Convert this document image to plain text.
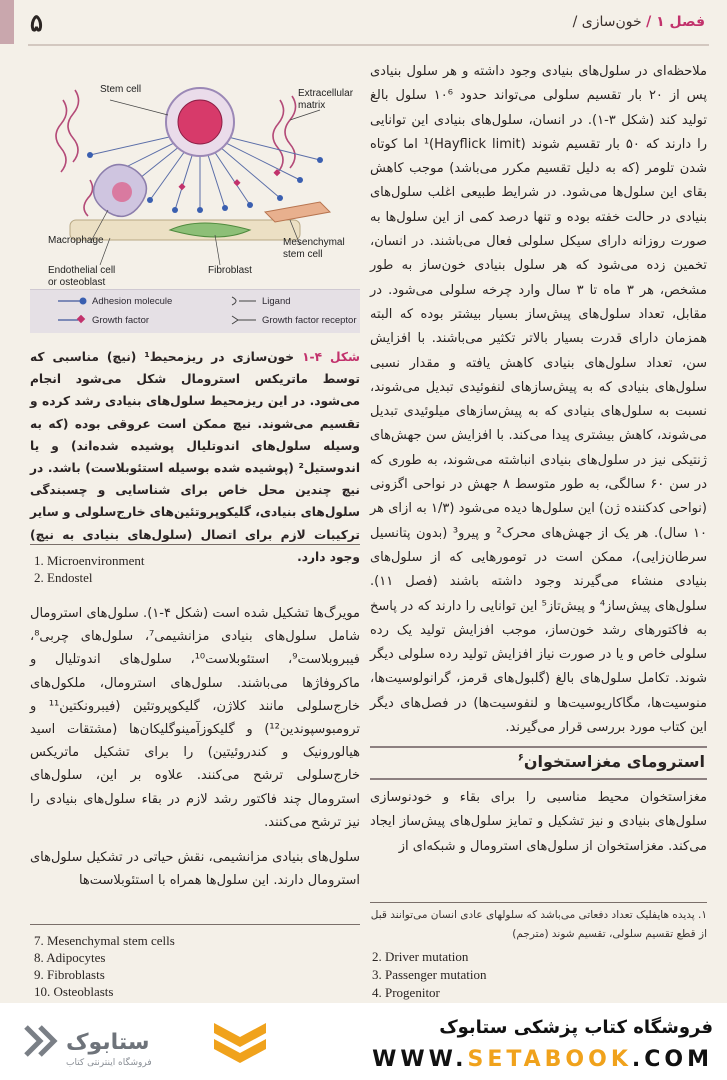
۵	فصل ۱ / خون‌سازی /
Stem cell	Extracellular
matrix
Macrophage	Mesenchymal
stem cell
Endothelial cell
or osteoblast
Fibroblast
Adhesion molecule	Ligand
Growth factor	Growth factor receptor
شکل ۴-۱ خون‌سازی در ریزمحیط¹ (نیچ) مناسبی که توسط ماتریکس استرومال شکل می‌شود انجام می‌شود. در این ریزمحیط سلول‌های بنیادی رشد کرده و تقسیم می‌شوند. نیچ ممکن است عروقی بوده (که به وسیله سلول‌های اندوتلیال پوشیده شده‌اند) و یا اندوستیل² (پوشیده شده بوسیله استئوبلاست) باشد. در نیچ چندین محل خاص برای شناسایی و چسبندگی سلول‌های بنیادی، گلیکوپروتئین‌های خارج‌سلولی و سایر ترکیبات لازم برای اتصال (سلول‌های بنیادی به نیچ) وجود دارد.
1. Microenvironment
2. Endostel
مویرگ‌ها تشکیل شده است (شکل ۴-۱). سلول‌های استرومال شامل سلول‌های بنیادی مزانشیمی⁷، سلول‌های چربی⁸، فیبروبلاست⁹، استئوبلاست¹⁰، سلول‌های اندوتلیال و ماکروفاژها می‌باشند. سلول‌های استرومال، ملکول‌های خارج‌سلولی مانند کلاژن، گلیکوپروتئین (فیبرونکتین¹¹ و ترومبوسپوندین¹²) و گلیکوزآمینوگلیکان‌ها (مشتقات اسید هیالورونیک و کندروئیتین) را برای تشکیل ماتریکس خارج‌سلولی ترشح می‌کنند. علاوه بر این، سلول‌های استرومال چند فاکتور رشد لازم در بقاء سلول‌های بنیادی را نیز ترشح می‌کنند.
سلول‌های بنیادی مزانشیمی، نقش حیاتی در تشکیل سلول‌های استرومال دارند. این سلول‌ها همراه با استئوبلاست‌ها
7. Mesenchymal stem cells
8. Adipocytes
9. Fibroblasts
10. Osteoblasts
ملاحظه‌ای در سلول‌های بنیادی وجود داشته و هر سلول بنیادی پس از ۲۰ بار تقسیم سلولی می‌تواند حدود ۱۰⁶ سلول بالغ تولید کند (شکل ۳-۱). در انسان، سلول‌های بنیادی این توانایی را دارند که ۵۰ بار تقسیم شوند (Hayflick limit)¹ اما کوتاه شدن تلومر (که به دلیل تقسیم مکرر می‌باشد) موجب کاهش بقای این سلول‌ها می‌شود. در شرایط طبیعی اغلب سلول‌های بنیادی در حالت خفته بوده و تنها درصد کمی از این سلول‌ها به صورت روزانه دارای سیکل سلولی فعال می‌باشند. در انسان، تخمین زده می‌شود که هر سلول بنیادی خون‌ساز به طور مشخص، هر ۳ ماه تا ۳ سال وارد چرخه سلولی می‌شود. در مقابل، تعداد سلول‌های پیش‌ساز بسیار بیشتر بوده که البته همزمان دارای قدرت بسیار بالاتر تکثیر می‌باشند. با افزایش سن، تعداد سلول‌های بنیادی کاهش یافته و مقدار نسبی سلول‌های بنیادی که به پیش‌سازهای لنفوئیدی تبدیل می‌شوند، نسبت به سلول‌های بنیادی که به پیش‌سازهای میلوئیدی تبدیل می‌شوند، کاهش بیشتری پیدا می‌کند. با افزایش سن جهش‌های ژنتیکی نیز در سلول‌های بنیادی انباشته می‌شوند، به طوری که در سن ۶۰ سالگی، به طور متوسط ۸ جهش در نواحی اگزونی (نواحی کدکننده ژن) این سلول‌ها دیده می‌شود (۱/۳ به ازای هر ۱۰ سال). هر یک از جهش‌های محرک² و پیرو³ (بدون پتانسیل سرطان‌زایی)، ممکن است در تومورهایی که از سلول‌های بنیادی منشاء می‌گیرند وجود داشته باشند (فصل ۱۱). سلول‌های پیش‌ساز⁴ و پیش‌تاز⁵ این توانایی را دارند که در پاسخ به فاکتورهای رشد خون‌ساز، موجب افزایش تولید یک رده سلولی خاص و یا در صورت نیاز افزایش تولید رده سلولی دیگر شوند. تکامل سلول‌های بالغ (گلبول‌های قرمز، گرانولوسیت‌ها، منوسیت‌ها، مگاکاریوسیت‌ها و لنفوسیت‌ها) در فصل‌های دیگر این کتاب مورد بررسی قرار می‌گیرند.
استرومای مغزاستخوان$^۶$
مغزاستخوان محیط مناسبی را برای بقاء و خودنوسازی سلول‌های بنیادی و نیز تشکیل و تمایز سلول‌های پیش‌ساز ایجاد می‌کند. مغزاستخوان از سلول‌های استرومال و شبکه‌ای از
۱. پدیده هایفلیک تعداد دفعاتی می‌باشد که سلولهای عادی انسان می‌توانند قبل از قطع تقسیم سلولی، تقسیم شوند (مترجم)
2. Driver mutation
3. Passenger mutation
4. Progenitor
ستابوک
فروشگاه اینترنتی کتاب
فروشگاه کتاب پزشکی ستابوک
WWW.SETABOOK.COM
